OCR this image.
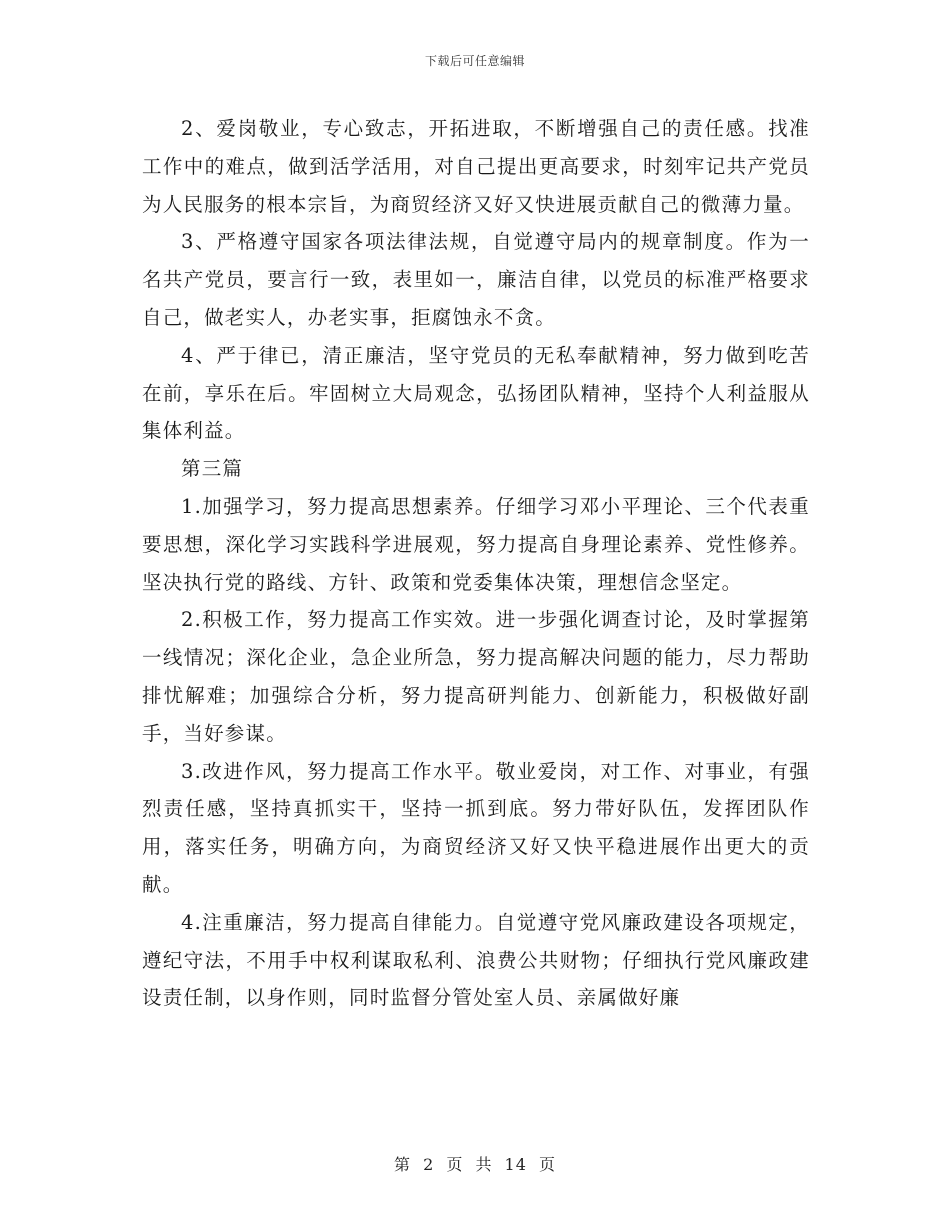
下载后可任意编辑

2、爱岗敬业，专心致志，开拓进取，不断增强自己的责任感。找准工作中的难点，做到活学活用，对自己提出更高要求，时刻牢记共产党员为人民服务的根本宗旨，为商贸经济又好又快进展贡献自己的微薄力量。

3、严格遵守国家各项法律法规，自觉遵守局内的规章制度。作为一名共产党员，要言行一致，表里如一，廉洁自律，以党员的标准严格要求自己，做老实人，办老实事，拒腐蚀永不贪。

4、严于律已，清正廉洁，坚守党员的无私奉献精神，努力做到吃苦在前，享乐在后。牢固树立大局观念，弘扬团队精神，坚持个人利益服从集体利益。

第三篇

1.加强学习，努力提高思想素养。仔细学习邓小平理论、三个代表重要思想，深化学习实践科学进展观，努力提高自身理论素养、党性修养。坚决执行党的路线、方针、政策和党委集体决策，理想信念坚定。

2.积极工作，努力提高工作实效。进一步强化调查讨论，及时掌握第一线情况；深化企业，急企业所急，努力提高解决问题的能力，尽力帮助排忧解难；加强综合分析，努力提高研判能力、创新能力，积极做好副手，当好参谋。

3.改进作风，努力提高工作水平。敬业爱岗，对工作、对事业，有强烈责任感，坚持真抓实干，坚持一抓到底。努力带好队伍，发挥团队作用，落实任务，明确方向，为商贸经济又好又快平稳进展作出更大的贡献。

4.注重廉洁，努力提高自律能力。自觉遵守党风廉政建设各项规定，遵纪守法，不用手中权利谋取私利、浪费公共财物；仔细执行党风廉政建设责任制，以身作则，同时监督分管处室人员、亲属做好廉

第 2 页 共 14 页
